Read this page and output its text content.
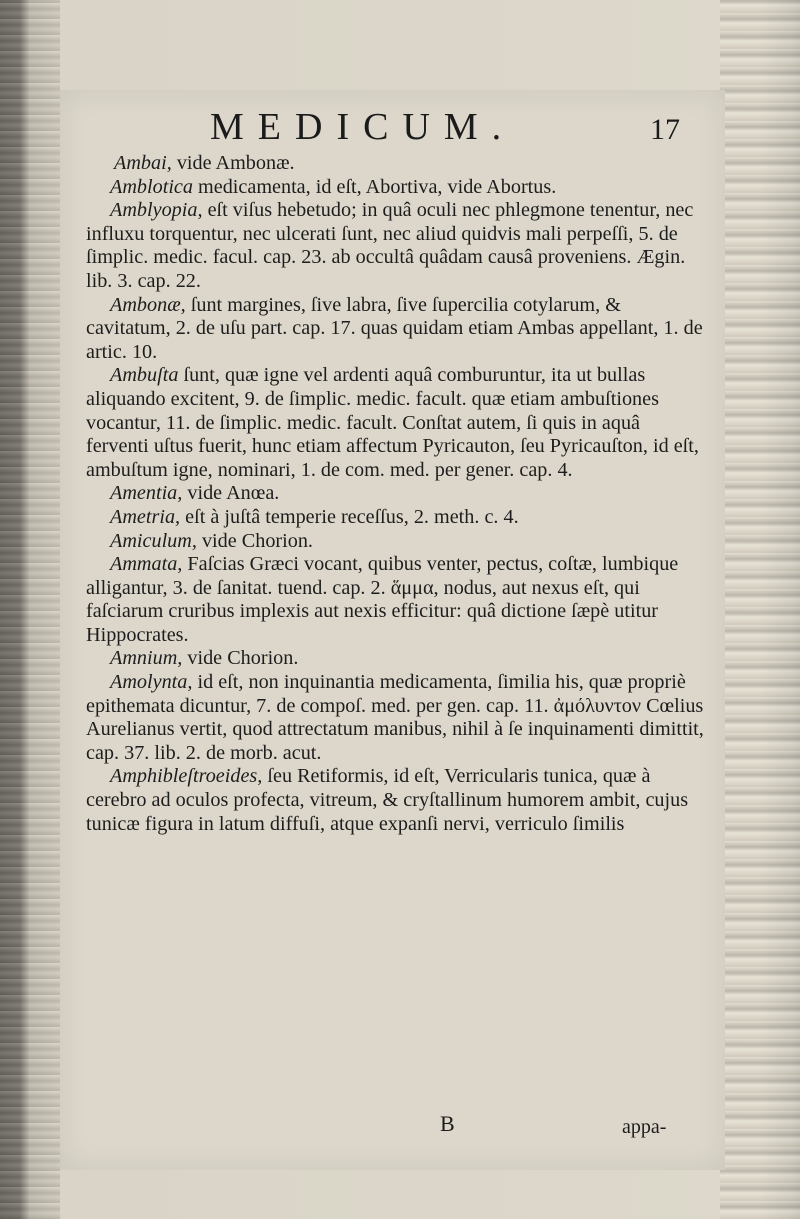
MEDICUM.	17

Ambai, vide Ambonæ.

Amblotica medicamenta, id eſt, Abortiva, vide Abortus.

Amblyopia, eſt viſus hebetudo; in quâ oculi nec phlegmone tenentur, nec influxu torquentur, nec ulcerati ſunt, nec aliud quidvis mali perpeſſi, 5. de ſimplic. medic. facul. cap. 23. ab occultâ quâdam causâ proveniens. Ægin. lib. 3. cap. 22.

Ambonæ, ſunt margines, ſive labra, ſive ſupercilia cotylarum, & cavitatum, 2. de uſu part. cap. 17. quas quidam etiam Ambas appellant, 1. de artic. 10.

Ambuſta ſunt, quæ igne vel ardenti aquâ comburuntur, ita ut bullas aliquando excitent, 9. de ſimplic. medic. facult. quæ etiam ambuſtiones vocantur, 11. de ſimplic. medic. facult. Conſtat autem, ſi quis in aquâ ferventi uſtus fuerit, hunc etiam affectum Pyricauton, ſeu Pyricauſton, id eſt, ambuſtum igne, nominari, 1. de com. med. per gener. cap. 4.

Amentia, vide Anœa.

Ametria, eſt à juſtâ temperie receſſus, 2. meth. c. 4.

Amiculum, vide Chorion.

Ammata, Faſcias Græci vocant, quibus venter, pectus, coſtæ, lumbique alligantur, 3. de ſanitat. tuend. cap. 2. ἅμμα, nodus, aut nexus eſt, qui faſciarum cruribus implexis aut nexis efficitur: quâ dictione ſæpè utitur Hippocrates.

Amnium, vide Chorion.

Amolynta, id eſt, non inquinantia medicamenta, ſimilia his, quæ propriè epithemata dicuntur, 7. de compoſ. med. per gen. cap. 11. ἀμόλυντον Cœlius Aurelianus vertit, quod attrectatum manibus, nihil à ſe inquinamenti dimittit, cap. 37. lib. 2. de morb. acut.

Amphibleſtroeides, ſeu Retiformis, id eſt, Verricularis tunica, quæ à cerebro ad oculos profecta, vitreum, & cryſtallinum humorem ambit, cujus tunicæ figura in latum diffuſi, atque expanſi nervi, verriculo ſimilis

B	appa-
